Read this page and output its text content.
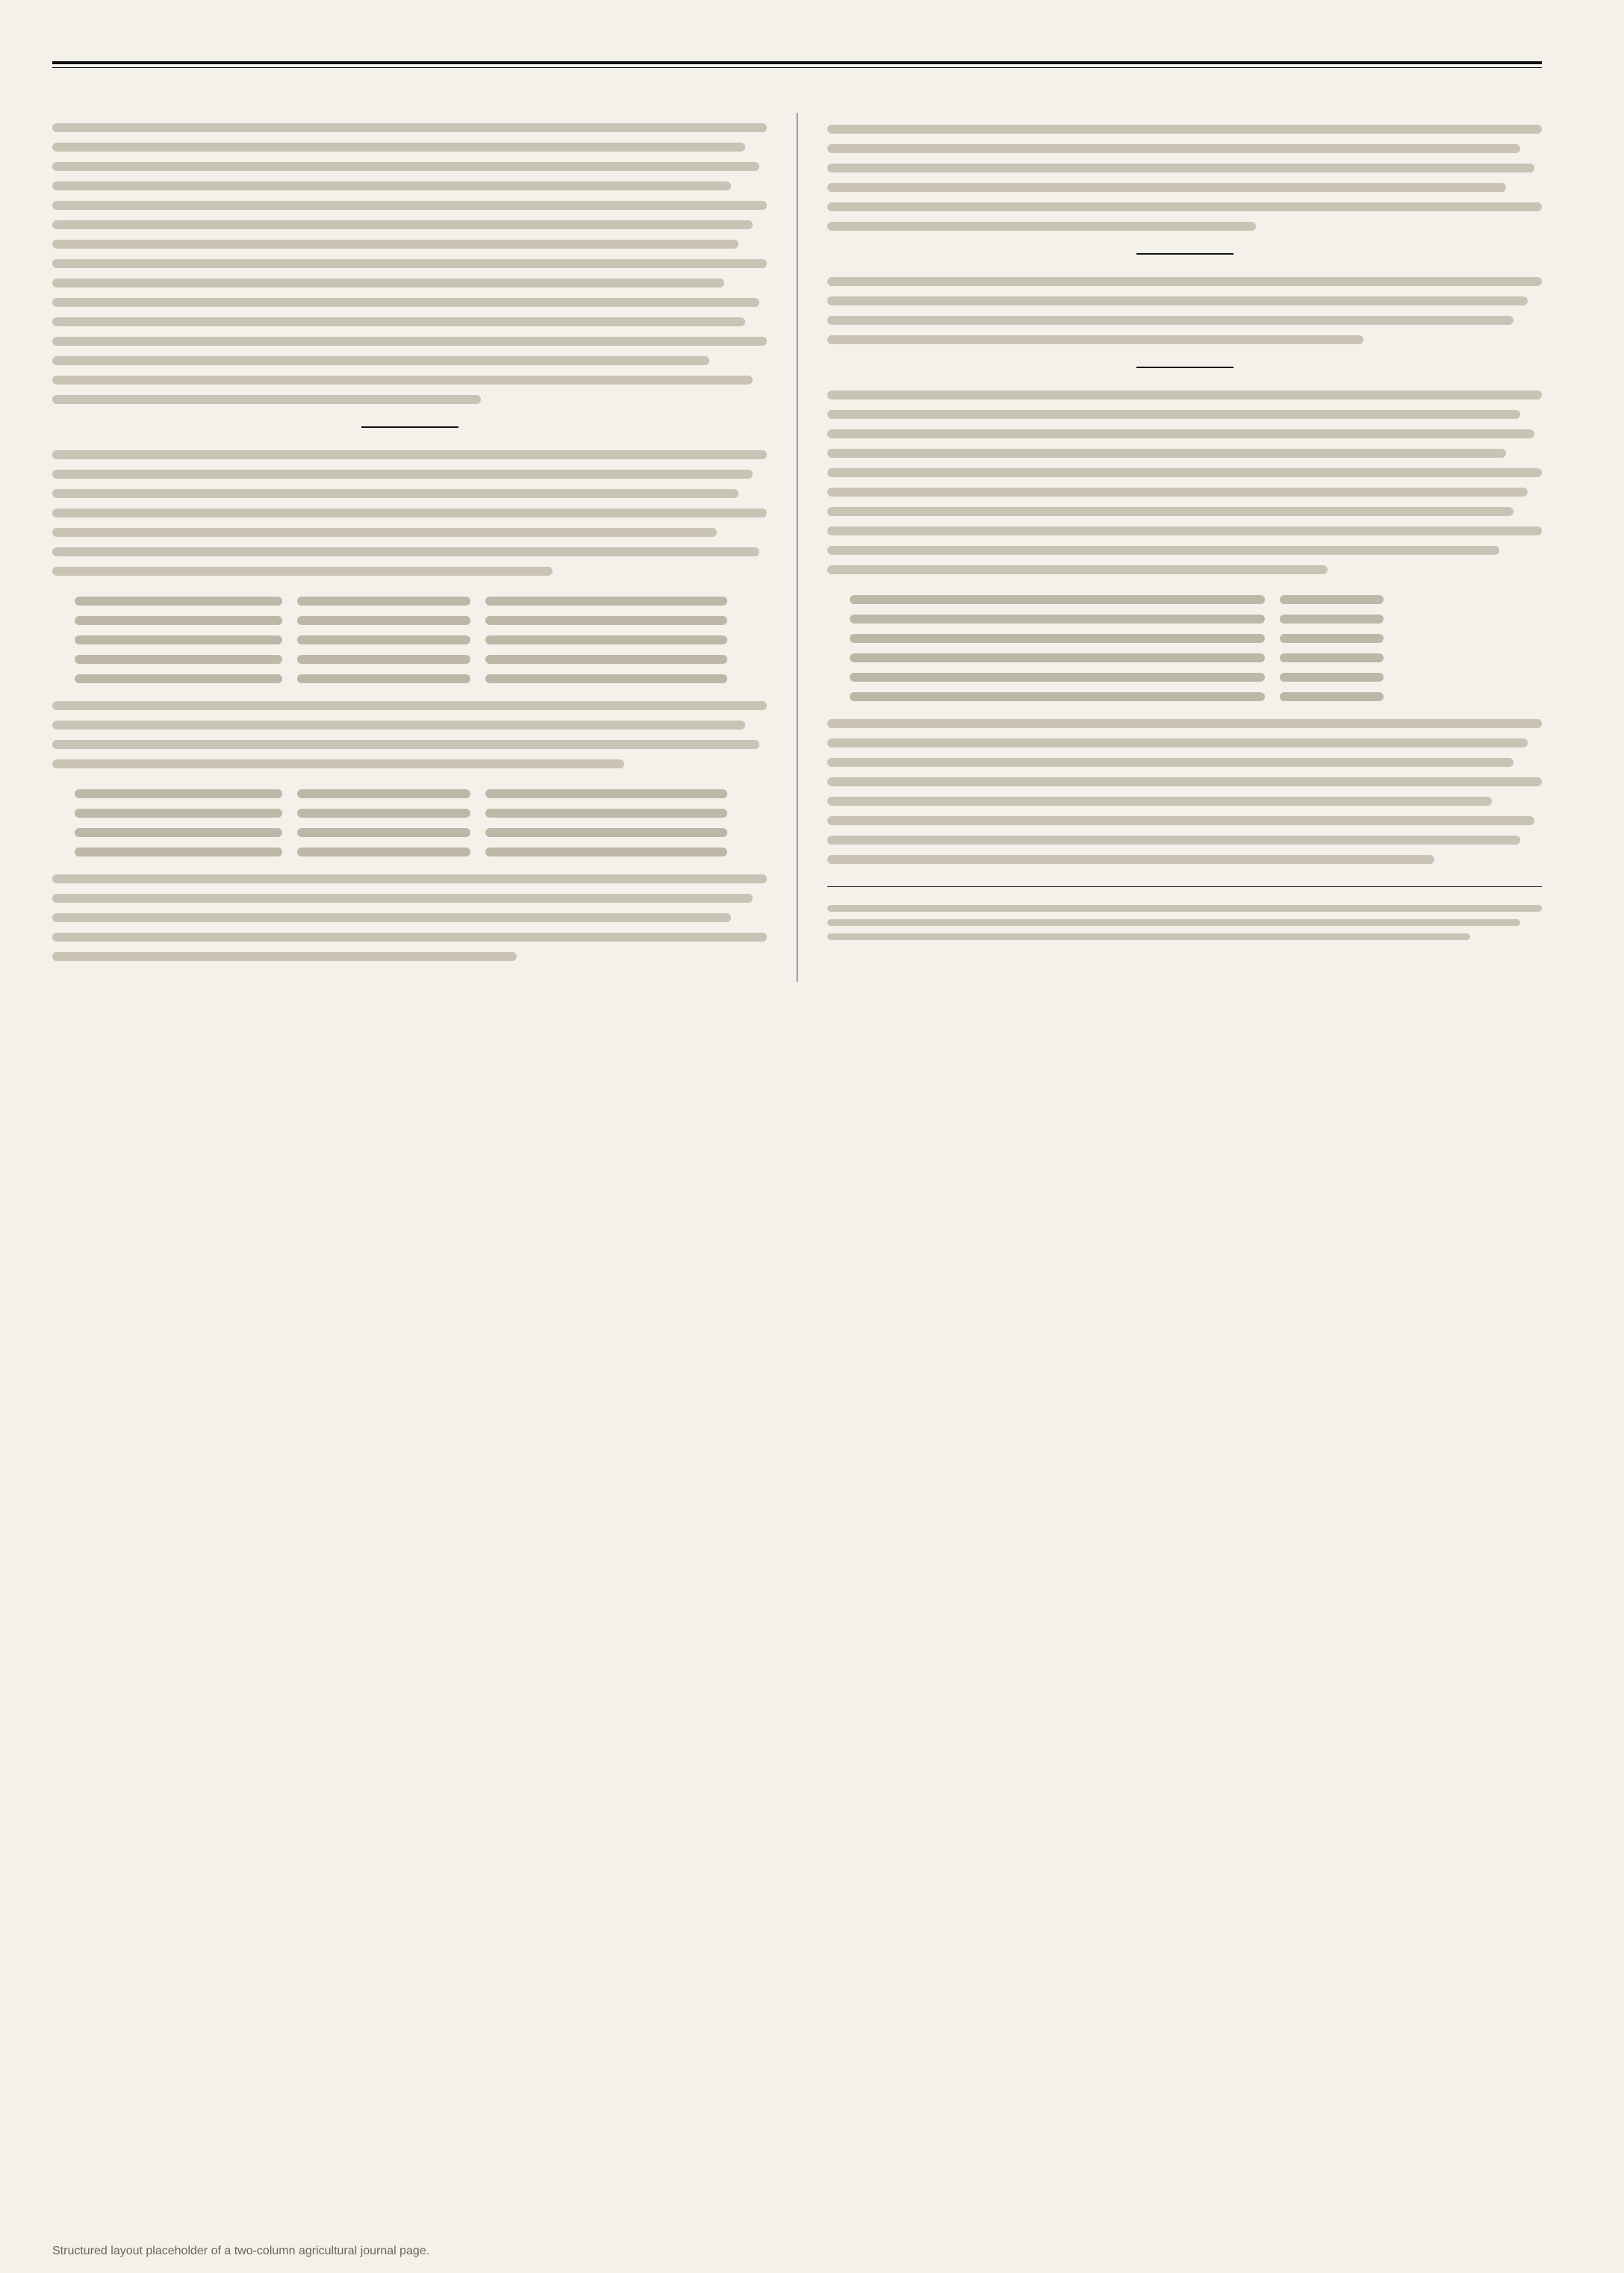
Structured layout placeholder of a two-column agricultural journal page.
